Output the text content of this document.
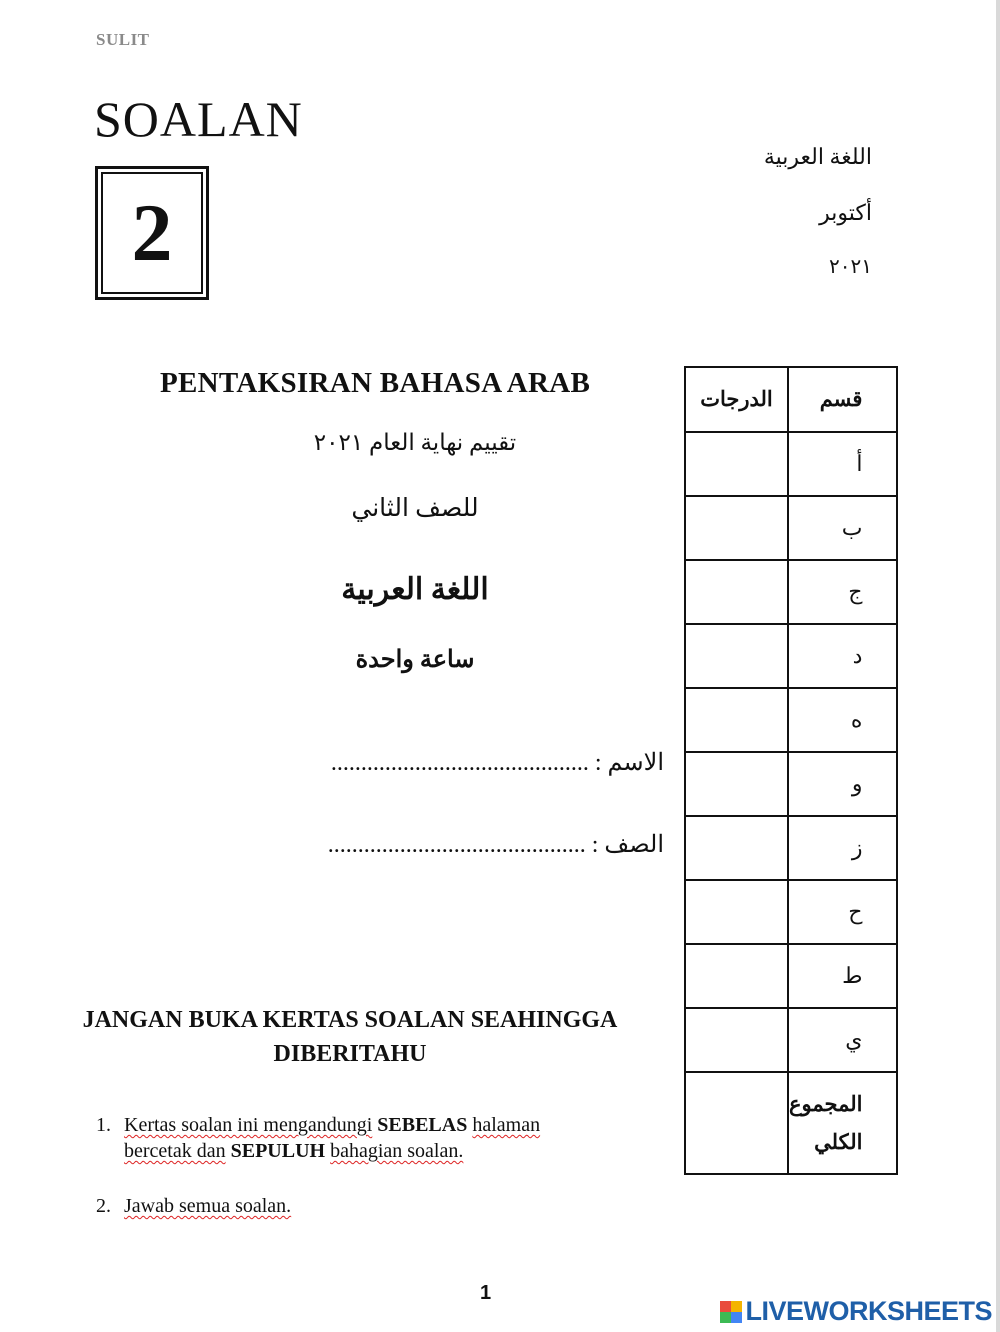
SULIT
SOALAN
2
اللغة العربية
أكتوبر
٢٠٢١
PENTAKSIRAN BAHASA ARAB
تقييم نهاية العام ٢٠٢١
للصف الثاني
اللغة العربية
ساعة واحدة
الاسم : ...........................................
الصف : ...........................................
الدرجات	قسم
	أ
	ب
	ج
	د
	ه
	و
	ز
	ح
	ط
	ي

	المجموع
الكلي
JANGAN BUKA KERTAS SOALAN SEAHINGGA
DIBERITAHU
1. Kertas soalan ini mengandungi SEBELAS halaman
bercetak dan SEPULUH bahagian soalan.
2. Jawab semua soalan.
1
LIVEWORKSHEETS
